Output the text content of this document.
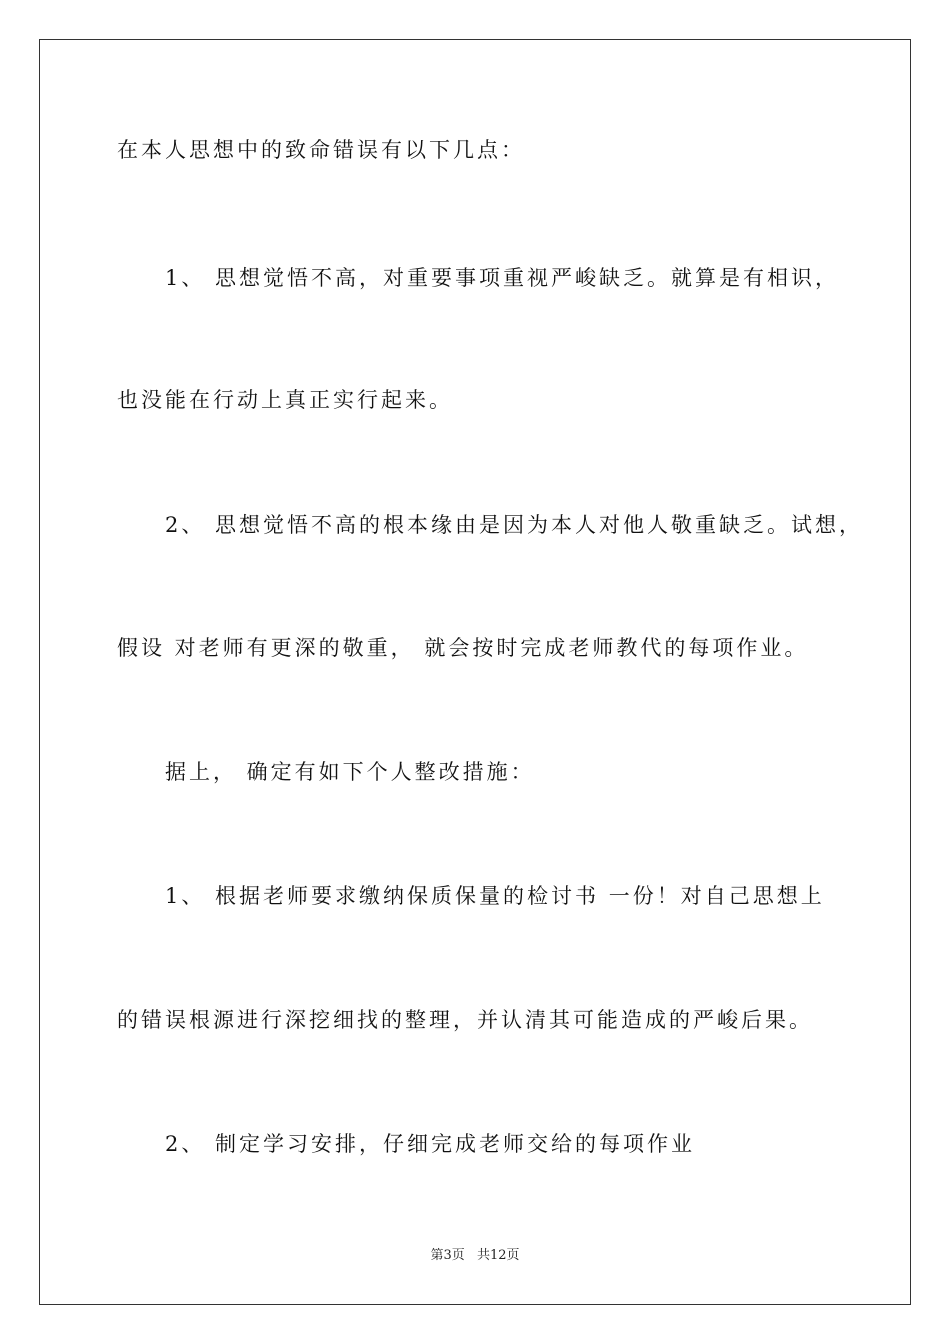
在本人思想中的致命错误有以下几点：
1、 思想觉悟不高，对重要事项重视严峻缺乏。就算是有相识，
也没能在行动上真正实行起来。
2、 思想觉悟不高的根本缘由是因为本人对他人敬重缺乏。试想，
假设 对老师有更深的敬重， 就会按时完成老师教代的每项作业。
据上， 确定有如下个人整改措施：
1、 根据老师要求缴纳保质保量的检讨书 一份！对自己思想上
的错误根源进行深挖细找的整理，并认清其可能造成的严峻后果。
2、 制定学习安排，仔细完成老师交给的每项作业
第3页 共12页
